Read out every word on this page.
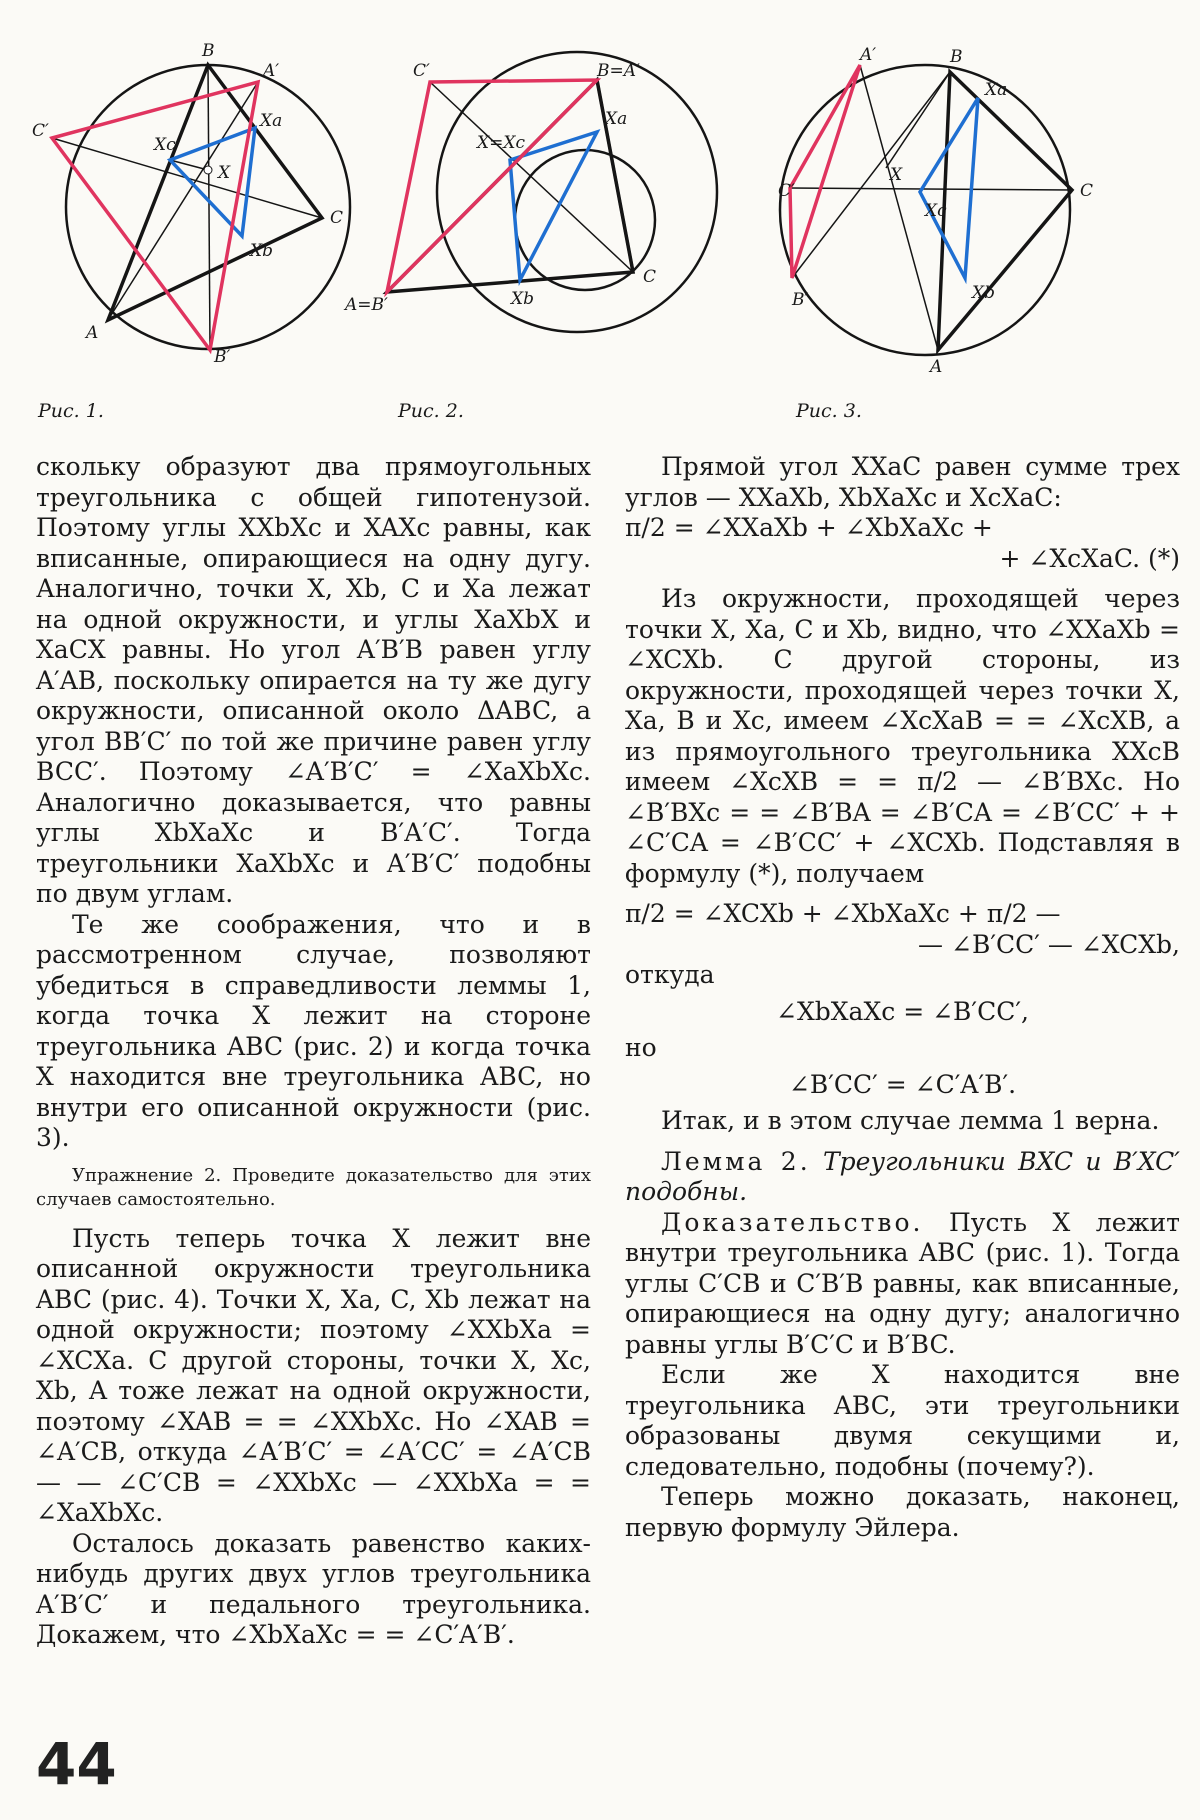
B
A′
C′
Xc
Xa
X
C
Xb
A
B′
C′	B=A′
X=Xc
Xa
C
A=B′	Xb
A′	B
Xa
C′
X
Xc
C
B′	Xb
A
Рис. 1.	Рис. 2.	Рис. 3.

скольку образуют два прямоугольных треугольника с общей гипотенузой. Поэтому углы XXbXc и XAXc равны, как вписанные, опирающиеся на одну дугу. Аналогично, точки X, Xb, C и Xa лежат на одной окружности, и углы XaXbX и XaCX равны. Но угол A′B′B равен углу A′AB, поскольку опирается на ту же дугу окружности, описанной около ΔABC, а угол BB′C′ по той же причине равен углу BCC′. Поэтому ∠A′B′C′ = ∠XaXbXc. Аналогично доказывается, что равны углы XbXaXc и B′A′C′. Тогда треугольники XaXbXc и A′B′C′ подобны по двум углам.

Те же соображения, что и в рассмотренном случае, позволяют убедиться в справедливости леммы 1, когда точка X лежит на стороне треугольника ABC (рис. 2) и когда точка X находится вне треугольника ABC, но внутри его описанной окружности (рис. 3).

Упражнение 2. Проведите доказательство для этих случаев самостоятельно.

Пусть теперь точка X лежит вне описанной окружности треугольника ABC (рис. 4). Точки X, Xa, C, Xb лежат на одной окружности; поэтому ∠XXbXa = ∠XCXa. С другой стороны, точки X, Xc, Xb, A тоже лежат на одной окружности, поэтому ∠XAB = = ∠XXbXc. Но ∠XAB = ∠A′CB, откуда ∠A′B′C′ = ∠A′CC′ = ∠A′CB — — ∠C′CB = ∠XXbXc — ∠XXbXa = = ∠XaXbXc.

Осталось доказать равенство каких-нибудь других двух углов треугольника A′B′C′ и педального треугольника. Докажем, что ∠XbXaXc = = ∠C′A′B′.

Прямой угол XXaC равен сумме трех углов — XXaXb, XbXaXc и XcXaC:

π/2 = ∠XXaXb + ∠XbXaXc +

+ ∠XcXaC. (*)

Из окружности, проходящей через точки X, Xa, C и Xb, видно, что ∠XXaXb = ∠XCXb. С другой стороны, из окружности, проходящей через точки X, Xa, B и Xc, имеем ∠XcXaB = = ∠XcXB, а из прямоугольного треугольника XXcB имеем ∠XcXB = = π/2 — ∠B′BXc. Но ∠B′BXc = = ∠B′BA = ∠B′CA = ∠B′CC′ + + ∠C′CA = ∠B′CC′ + ∠XCXb. Подставляя в формулу (*), получаем

π/2 = ∠XCXb + ∠XbXaXc + π/2 —

— ∠B′CC′ — ∠XCXb,

откуда

∠XbXaXc = ∠B′CC′,

но

∠B′CC′ = ∠C′A′B′.

Итак, и в этом случае лемма 1 верна.

Лемма 2. Треугольники BXC и B′XC′ подобны.

Доказательство. Пусть X лежит внутри треугольника ABC (рис. 1). Тогда углы C′CB и C′B′B равны, как вписанные, опирающиеся на одну дугу; аналогично равны углы B′C′C и B′BC.

Если же X находится вне треугольника ABC, эти треугольники образованы двумя секущими и, следовательно, подобны (почему?).

Теперь можно доказать, наконец, первую формулу Эйлера.

44
